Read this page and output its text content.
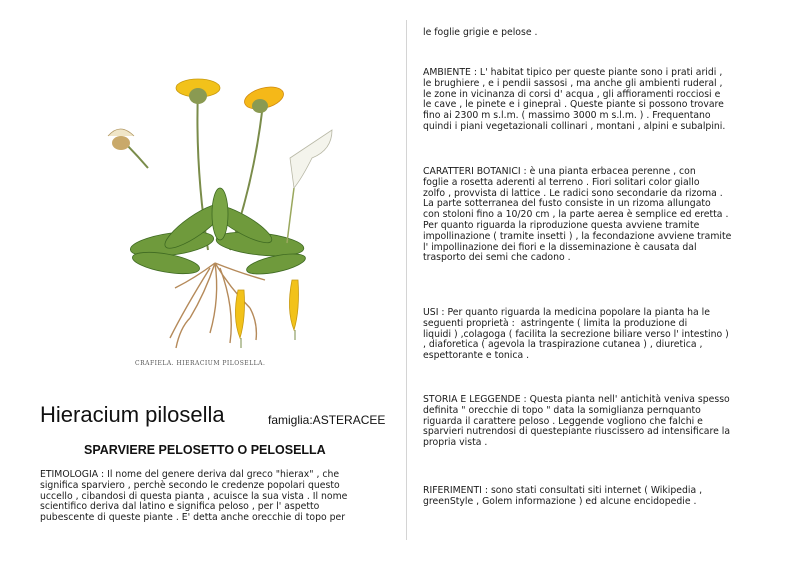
CRAFIELA. HIERACIUM PILOSELLA.
Hieracium pilosella	famiglia:ASTERACEE
SPARVIERE PELOSETTO O PELOSELLA
ETIMOLOGIA : Il nome del genere deriva dal greco "hierax" , che
significa sparviero , perchè secondo le credenze popolari questo
uccello , cibandosi di questa pianta , acuisce la sua vista . Il nome
scientifico deriva dal latino e significa peloso , per l' aspetto
pubescente di queste piante . E' detta anche orecchie di topo per
le foglie grigie e pelose .
AMBIENTE : L' habitat tipico per queste piante sono i prati aridi ,
le brughiere , e i pendii sassosi , ma anche gli ambienti ruderal ,
le zone in vicinanza di corsi d' acqua , gli affioramenti rocciosi e
le cave , le pinete e i ginepraì . Queste piante si possono trovare
fino ai 2300 m s.l.m. ( massimo 3000 m s.l.m. ) . Frequentano
quindi i piani vegetazionali collinari , montani , alpini e subalpini.
CARATTERI BOTANICI : è una pianta erbacea perenne , con
foglie a rosetta aderenti al terreno . Fiori solitari color giallo
zolfo , provvista di lattice . Le radici sono secondarie da rizoma .
La parte sotterranea del fusto consiste in un rizoma allungato
con stoloni fino a 10/20 cm , la parte aerea è semplice ed eretta .
Per quanto riguarda la riproduzione questa avviene tramite
impollinazione ( tramite insetti ) , la fecondazione avviene tramite
l' impollinazione dei fiori e la disseminazione è causata dal
trasporto dei semi che cadono .
USI : Per quanto riguarda la medicina popolare la pianta ha le
seguenti proprietà :  astringente ( limita la produzione di
liquidi ) ,colagoga ( facilita la secrezione biliare verso l' intestino )
, diaforetica ( agevola la traspirazione cutanea ) , diuretica ,
espettorante e tonica .
STORIA E LEGGENDE : Questa pianta nell' antichità veniva spesso
definita " orecchie di topo " data la somiglianza pernquanto
riguarda il carattere peloso . Leggende vogliono che falchi e
sparvieri nutrendosi di questepiante riuscissero ad intensificare la
propria vista .
RIFERIMENTI : sono stati consultati siti internet ( Wikipedia ,
greenStyle , Golem informazione ) ed alcune encidopedie .
